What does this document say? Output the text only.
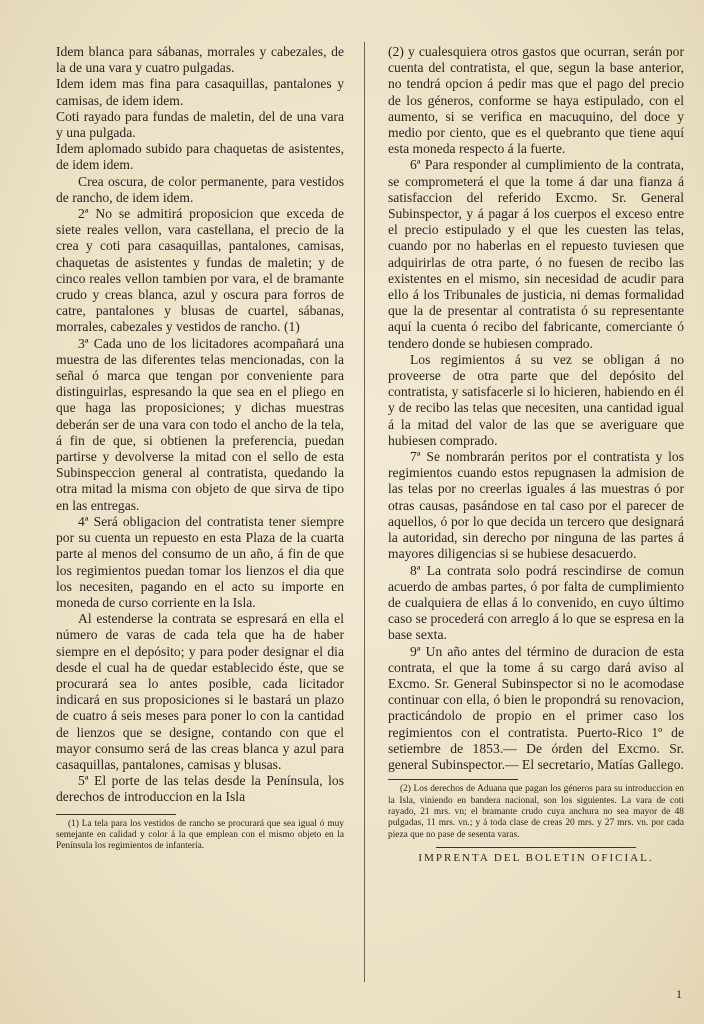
Idem blanca para sábanas, morrales y cabezales, de la de una vara y cuatro pulgadas.

Idem idem mas fina para casaquillas, pantalones y camisas, de idem idem.

Coti rayado para fundas de maletin, del de una vara y una pulgada.

Idem aplomado subido para chaquetas de asistentes, de idem idem.

Crea oscura, de color permanente, para vestidos de rancho, de idem idem.

2ª No se admitirá proposicion que exceda de siete reales vellon, vara castellana, el precio de la crea y coti para casaquillas, pantalones, camisas, chaquetas de asistentes y fundas de maletin; y de cinco reales vellon tambien por vara, el de bramante crudo y creas blanca, azul y oscura para forros de catre, pantalones y blusas de cuartel, sábanas, morrales, cabezales y vestidos de rancho. (1)

3ª Cada uno de los licitadores acompañará una muestra de las diferentes telas mencionadas, con la señal ó marca que tengan por conveniente para distinguirlas, espresando la que sea en el pliego en que haga las proposiciones; y dichas muestras deberán ser de una vara con todo el ancho de la tela, á fin de que, si obtienen la preferencia, puedan partirse y devolverse la mitad con el sello de esta Subinspeccion general al contratista, quedando la otra mitad la misma con objeto de que sirva de tipo en las entregas.

4ª Será obligacion del contratista tener siempre por su cuenta un repuesto en esta Plaza de la cuarta parte al menos del consumo de un año, á fin de que los regimientos puedan tomar los lienzos el dia que los necesiten, pagando en el acto su importe en moneda de curso corriente en la Isla.

Al estenderse la contrata se espresará en ella el número de varas de cada tela que ha de haber siempre en el depósito; y para poder designar el dia desde el cual ha de quedar establecido éste, que se procurará sea lo antes posible, cada licitador indicará en sus proposiciones si le bastará un plazo de cuatro á seis meses para poner lo con la cantidad de lienzos que se designe, contando con que el mayor consumo será de las creas blanca y azul para casaquillas, pantalones, camisas y blusas.

5ª El porte de las telas desde la Península, los derechos de introduccion en la Isla

(1) La tela para los vestidos de rancho se procurará que sea igual ó muy semejante en calidad y color á la que emplean con el mismo objeto en la Península los regimientos de infantería.

(2) y cualesquiera otros gastos que ocurran, serán por cuenta del contratista, el que, segun la base anterior, no tendrá opcion á pedir mas que el pago del precio de los géneros, conforme se haya estipulado, con el aumento, si se verifica en macuquino, del doce y medio por ciento, que es el quebranto que tiene aquí esta moneda respecto á la fuerte.

6ª Para responder al cumplimiento de la contrata, se comprometerá el que la tome á dar una fianza á satisfaccion del referido Excmo. Sr. General Subinspector, y á pagar á los cuerpos el exceso entre el precio estipulado y el que les cuesten las telas, cuando por no haberlas en el repuesto tuviesen que adquirirlas de otra parte, ó no fuesen de recibo las existentes en el mismo, sin necesidad de acudir para ello á los Tribunales de justicia, ni demas formalidad que la de presentar al contratista ó su representante aquí la cuenta ó recibo del fabricante, comerciante ó tendero donde se hubiesen comprado.

Los regimientos á su vez se obligan á no proveerse de otra parte que del depósito del contratista, y satisfacerle si lo hicieren, habiendo en él y de recibo las telas que necesiten, una cantidad igual á la mitad del valor de las que se averiguare que hubiesen comprado.

7ª Se nombrarán peritos por el contratista y los regimientos cuando estos repugnasen la admision de las telas por no creerlas iguales á las muestras ó por otras causas, pasándose en tal caso por el parecer de aquellos, ó por lo que decida un tercero que designará la autoridad, sin derecho por ninguna de las partes á mayores diligencias si se hubiese desacuerdo.

8ª La contrata solo podrá rescindirse de comun acuerdo de ambas partes, ó por falta de cumplimiento de cualquiera de ellas á lo convenido, en cuyo último caso se procederá con arreglo á lo que se espresa en la base sexta.

9ª Un año antes del término de duracion de esta contrata, el que la tome á su cargo dará aviso al Excmo. Sr. General Subinspector si no le acomodase continuar con ella, ó bien le propondrá su renovacion, practicándolo de propio en el primer caso los regimientos con el contratista. Puerto-Rico 1º de setiembre de 1853.— De órden del Excmo. Sr. general Subinspector.— El secretario, Matías Gallego.

(2) Los derechos de Aduana que pagan los géneros para su introduccion en la Isla, viniendo en bandera nacional, son los siguientes. La vara de coti rayado, 21 mrs. vn; el bramante crudo cuya anchura no sea mayor de 48 pulgadas, 11 mrs. vn.; y á toda clase de creas 20 mrs. y 27 mrs. vn. por cada pieza que no pase de sesenta varas.

IMPRENTA DEL BOLETIN OFICIAL.

1
